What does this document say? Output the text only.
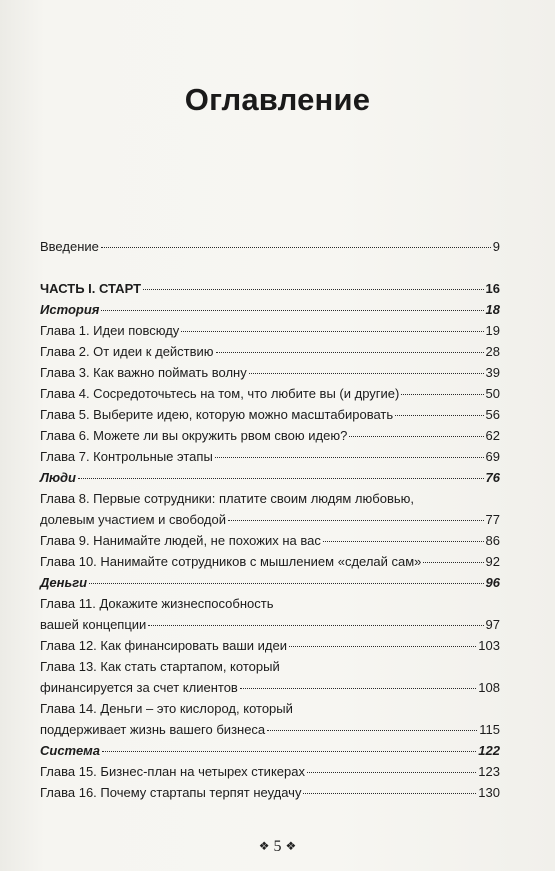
Оглавление
Введение	9
ЧАСТЬ I. СТАРТ	16
История	18
Глава 1. Идеи повсюду	19
Глава 2. От идеи к действию	28
Глава 3. Как важно поймать волну	39
Глава 4. Сосредоточьтесь на том, что любите вы (и другие)	50
Глава 5. Выберите идею, которую можно масштабировать	56
Глава 6. Можете ли вы окружить рвом свою идею?	62
Глава 7. Контрольные этапы	69
Люди	76
Глава 8. Первые сотрудники: платите своим людям любовью,
долевым участием и свободой	77
Глава 9. Нанимайте людей, не похожих на вас	86
Глава 10. Нанимайте сотрудников с мышлением «сделай сам»	92
Деньги	96
Глава 11. Докажите жизнеспособность
вашей концепции	97
Глава 12. Как финансировать ваши идеи	103
Глава 13. Как стать стартапом, который
финансируется за счет клиентов	108
Глава 14. Деньги – это кислород, который
поддерживает жизнь вашего бизнеса	115
Система	122
Глава 15. Бизнес-план на четырех стикерах	123
Глава 16. Почему стартапы терпят неудачу	130
❖ 5 ❖
